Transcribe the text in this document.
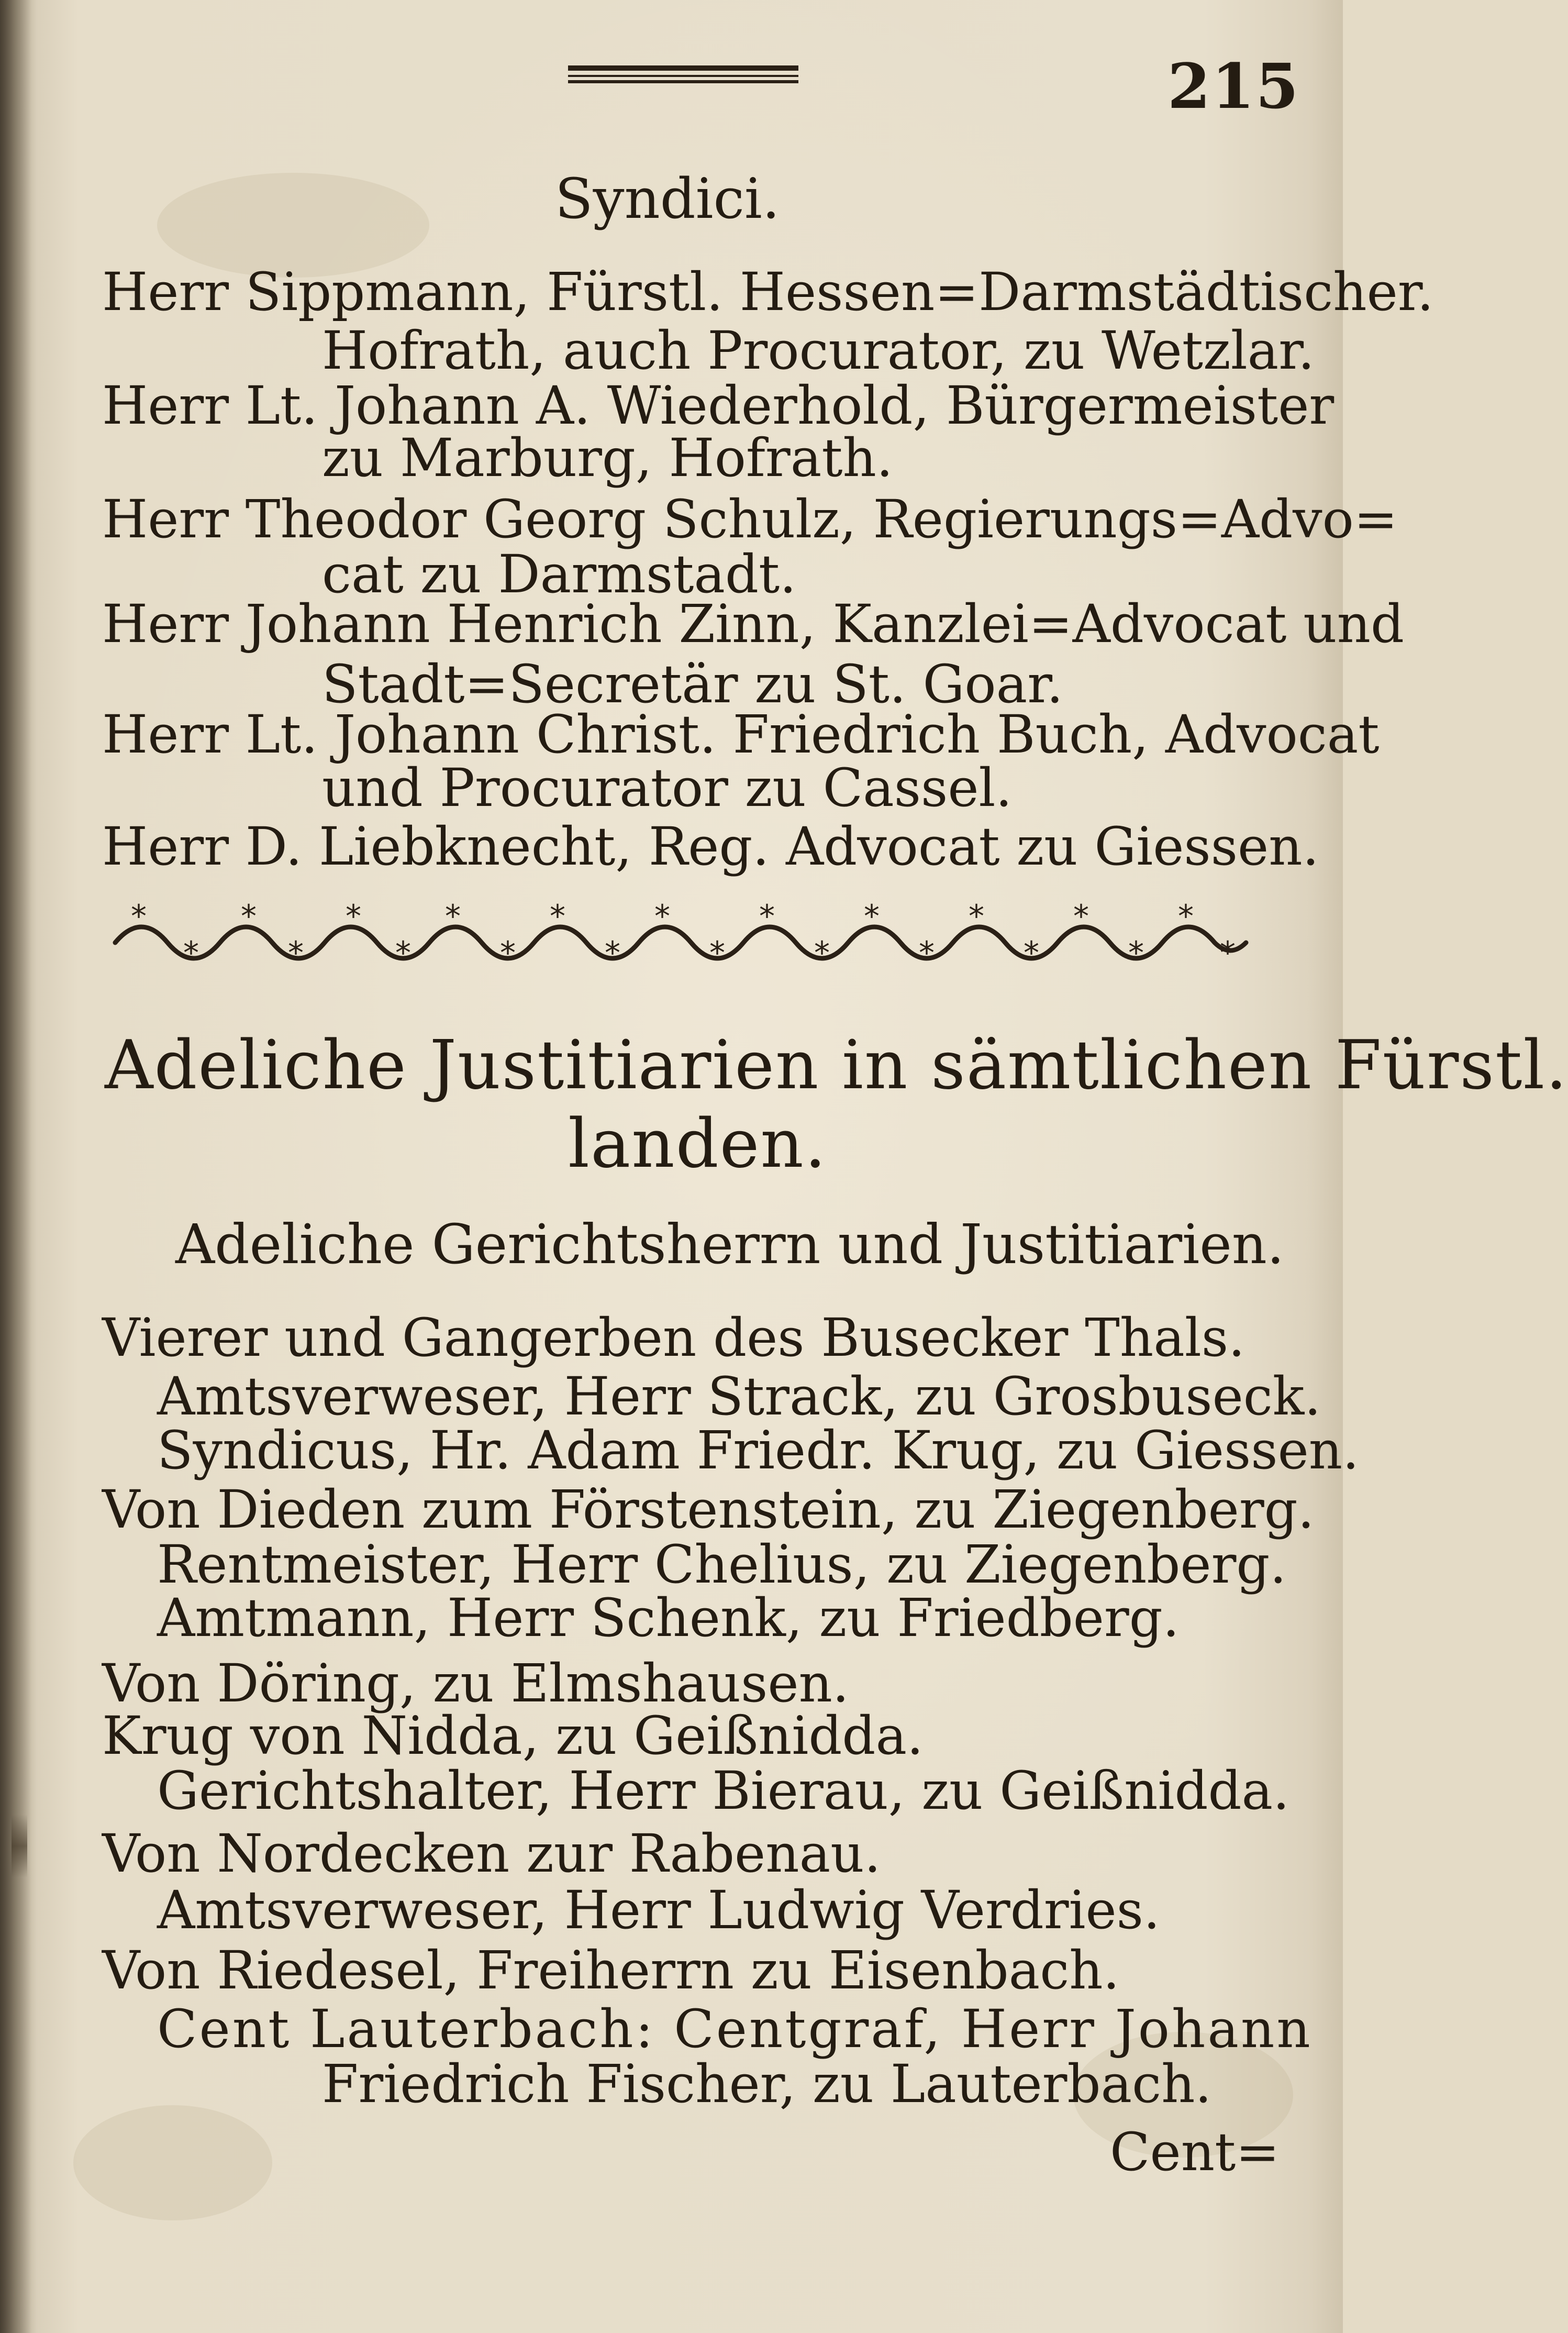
215
Syndici.
Herr Sippmann, Fürstl. Hessen=Darmstädtischer.
Hofrath, auch Procurator, zu Wetzlar.
Herr Lt. Johann A. Wiederhold, Bürgermeister
zu Marburg, Hofrath.
Herr Theodor Georg Schulz, Regierungs=Advo=
cat zu Darmstadt.
Herr Johann Henrich Zinn, Kanzlei=Advocat und
Stadt=Secretär zu St. Goar.
Herr Lt. Johann Christ. Friedrich Buch, Advocat
und Procurator zu Cassel.
Herr D. Liebknecht, Reg. Advocat zu Giessen.
*
*
*
*
*
*
*
*
*
*
*
*
*
*
*
*
*
*
*
*
*
*
Adeliche Justitiarien in sämtlichen Fürstl.
landen.
Adeliche Gerichtsherrn und Justitiarien.
Vierer und Gangerben des Busecker Thals.
Amtsverweser, Herr Strack, zu Grosbuseck.
Syndicus, Hr. Adam Friedr. Krug, zu Giessen.
Von Dieden zum Förstenstein, zu Ziegenberg.
Rentmeister, Herr Chelius, zu Ziegenberg.
Amtmann, Herr Schenk, zu Friedberg.
Von Döring, zu Elmshausen.
Krug von Nidda, zu Geißnidda.
Gerichtshalter, Herr Bierau, zu Geißnidda.
Von Nordecken zur Rabenau.
Amtsverweser, Herr Ludwig Verdries.
Von Riedesel, Freiherrn zu Eisenbach.
Cent Lauterbach: Centgraf, Herr Johann
Friedrich Fischer, zu Lauterbach.
Cent=
